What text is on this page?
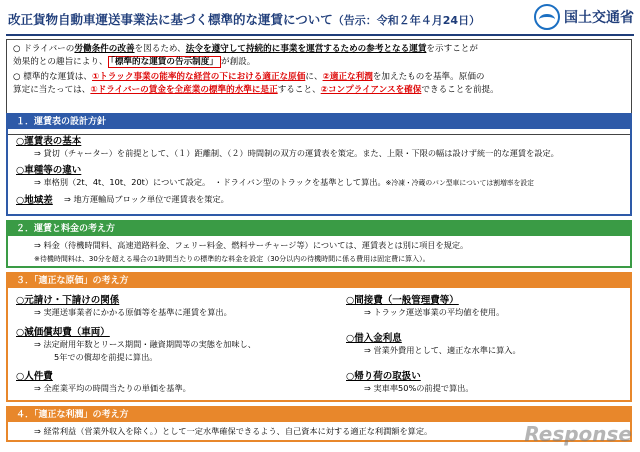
改正貨物自動車運送事業法に基づく標準的な運賃について（告示：令和２年４月24日）	国土交通省

○ ドライバーの労働条件の改善を図るため、法令を遵守して持続的に事業を運営するための参考となる運賃を示すことが
効果的との趣旨により、 「標準的な運賃の告示制度」 が創設。

○ 標準的な運賃は、①トラック事業の能率的な経営の下における適正な原価に、②適正な利潤を加えたものを基準。原価の
算定に当たっては、①ドライバーの賃金を全産業の標準的水準に是正すること、②コンプライアンスを確保できることを前提。

１．運賃表の設計方針
○運賃表の基本
⇒ 貸切（チャーター）を前提として、（１）距離制、（２）時間制の双方の運賃表を策定。また、上限・下限の幅は設けず統一的な運賃を設定。
○車種等の違い
⇒ 車格別（2t、4t、10t、20t）について設定。　・ドライバン型のトラックを基準として算出。※冷凍・冷蔵のバン型車については割増率を設定
○地域差 ⇒ 地方運輸局ブロック単位で運賃表を策定。
２．運賃と料金の考え方
⇒ 料金（待機時間料、高速道路料金、フェリー料金、燃料サーチャージ等）については、運賃表とは別に項目を規定。
※待機時間料は、30分を超える場合の1時間当たりの標準的な料金を設定（30分以内の待機時間に係る費用は固定費に算入）。
３．「適正な原価」の考え方
○元請け・下請けの関係
⇒ 実運送事業者にかかる原価等を基準に運賃を算出。
○減価償却費（車両）
⇒ 法定耐用年数とリース期間・融資期間等の実態を加味し、
5年での償却を前提に算出。
○人件費
⇒ 全産業平均の時間当たりの単価を基準。
○間接費（一般管理費等）
⇒ トラック運送事業の平均値を使用。
○借入金利息
⇒ 営業外費用として、適正な水準に算入。
○帰り荷の取扱い
⇒ 実車率50%の前提で算出。
４．「適正な利潤」の考え方
⇒ 経常利益（営業外収入を除く。）として一定水準確保できるよう、自己資本に対する適正な利潤額を算定。	Response
